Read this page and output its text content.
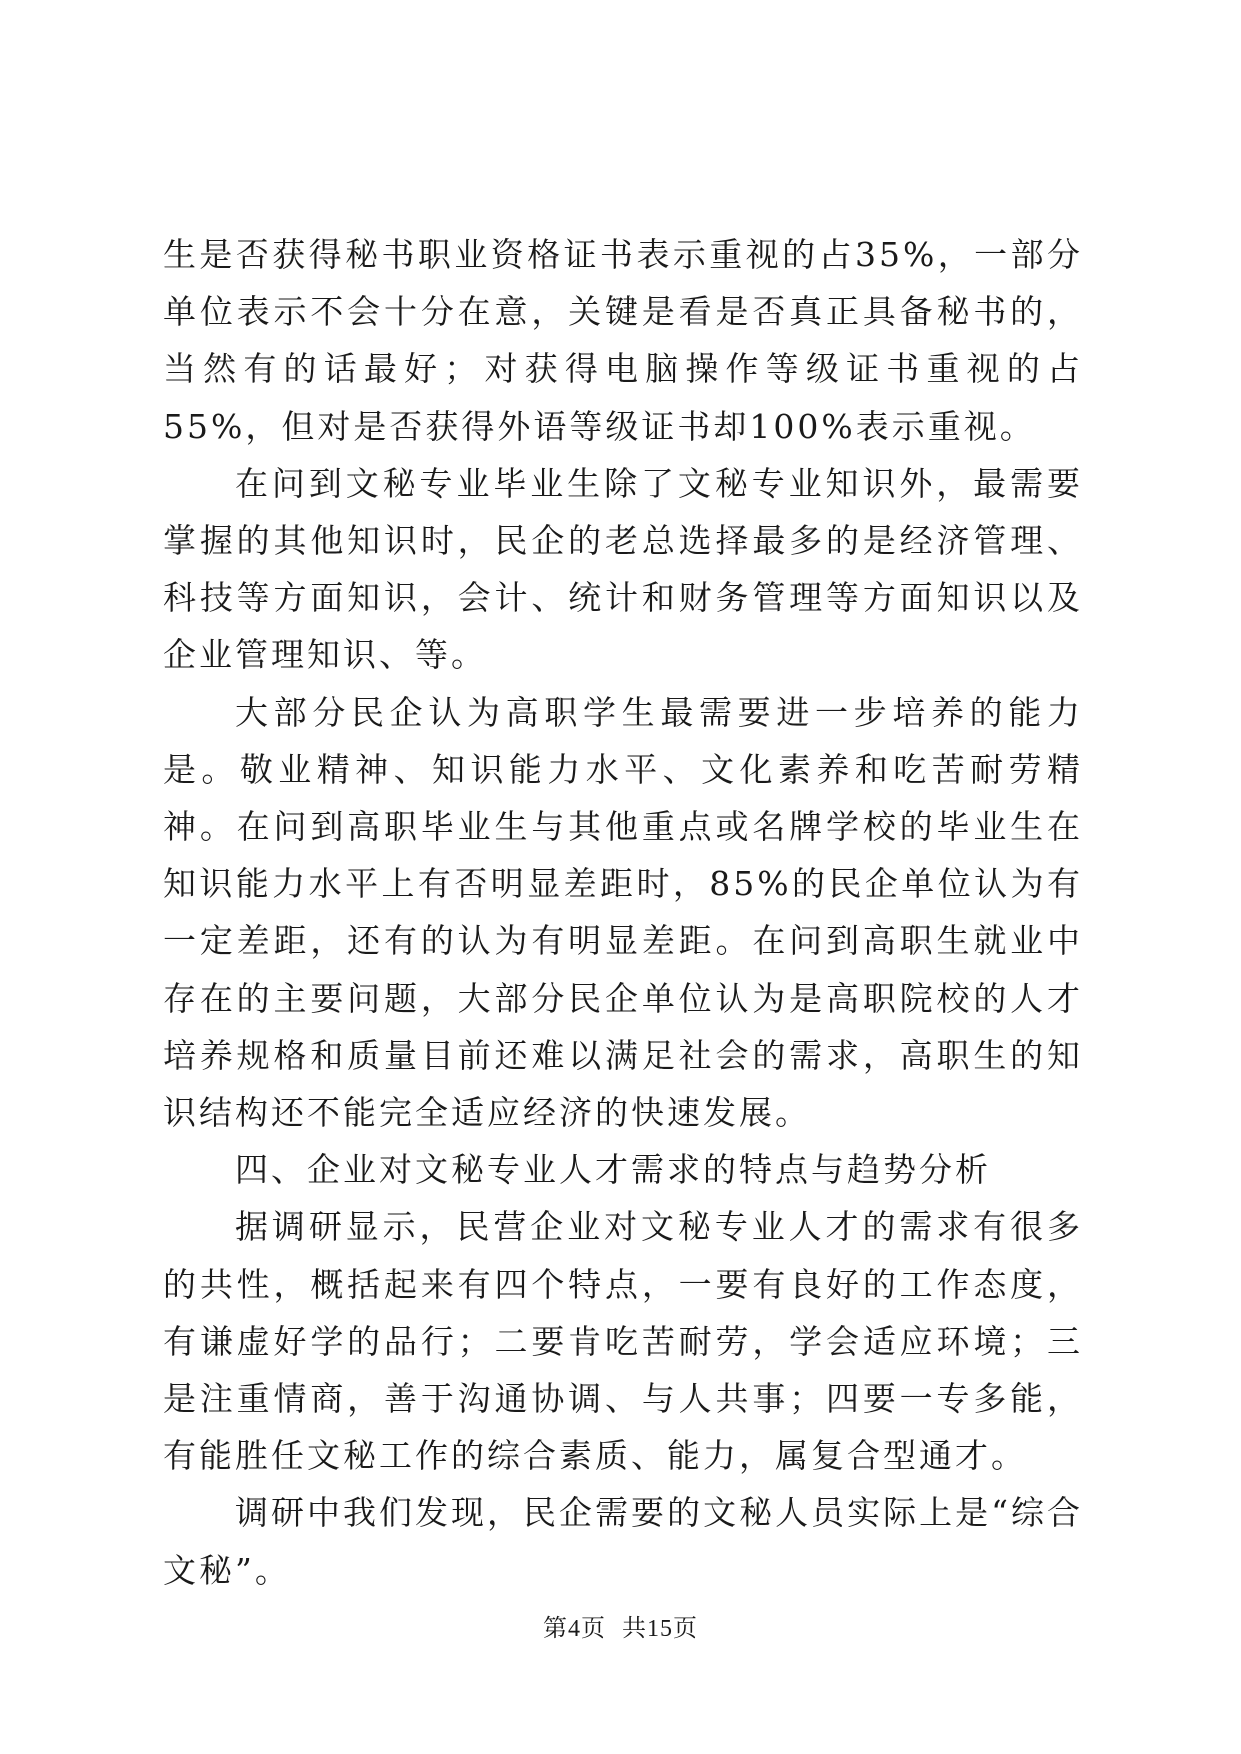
生是否获得秘书职业资格证书表示重视的占35%，一部分单位表示不会十分在意，关键是看是否真正具备秘书的，当然有的话最好；对获得电脑操作等级证书重视的占55%，但对是否获得外语等级证书却100%表示重视。

在问到文秘专业毕业生除了文秘专业知识外，最需要掌握的其他知识时，民企的老总选择最多的是经济管理、科技等方面知识，会计、统计和财务管理等方面知识以及企业管理知识、等。

大部分民企认为高职学生最需要进一步培养的能力是。敬业精神、知识能力水平、文化素养和吃苦耐劳精神。在问到高职毕业生与其他重点或名牌学校的毕业生在知识能力水平上有否明显差距时，85%的民企单位认为有一定差距，还有的认为有明显差距。在问到高职生就业中存在的主要问题，大部分民企单位认为是高职院校的人才培养规格和质量目前还难以满足社会的需求，高职生的知识结构还不能完全适应经济的快速发展。

四、企业对文秘专业人才需求的特点与趋势分析

据调研显示，民营企业对文秘专业人才的需求有很多的共性，概括起来有四个特点，一要有良好的工作态度，有谦虚好学的品行；二要肯吃苦耐劳，学会适应环境；三是注重情商，善于沟通协调、与人共事；四要一专多能，有能胜任文秘工作的综合素质、能力，属复合型通才。

调研中我们发现，民企需要的文秘人员实际上是“综合文秘”。

第4页 共15页
